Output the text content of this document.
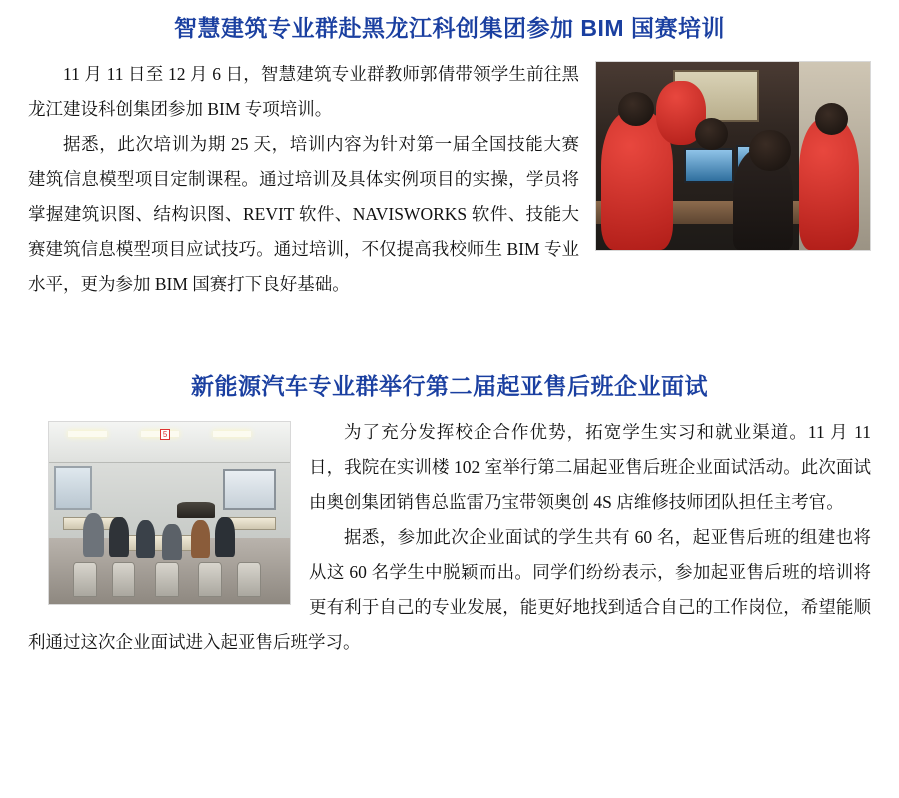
智慧建筑专业群赴黑龙江科创集团参加 BIM 国赛培训

11 月 11 日至 12 月 6 日，智慧建筑专业群教师郭倩带领学生前往黑龙江建设科创集团参加 BIM 专项培训。

据悉，此次培训为期 25 天，培训内容为针对第一届全国技能大赛建筑信息模型项目定制课程。通过培训及具体实例项目的实操，学员将掌握建筑识图、结构识图、REVIT 软件、NAVISWORKS 软件、技能大赛建筑信息模型项目应试技巧。通过培训，不仅提高我校师生 BIM 专业水平，更为参加 BIM 国赛打下良好基础。

新能源汽车专业群举行第二届起亚售后班企业面试
5	为了充分发挥校企合作优势，拓宽学生实习和就业渠道。11 月 11 日，我院在实训楼 102 室举行第二届起亚售后班企业面试活动。此次面试由奥创集团销售总监雷乃宝带领奥创 4S 店维修技师团队担任主考官。

据悉，参加此次企业面试的学生共有 60 名，起亚售后班的组建也将从这 60 名学生中脱颖而出。同学们纷纷表示，参加起亚售后班的培训将更有利于自己的专业发展，能更好地找到适合自己的工作岗位，希望能顺利通过这次企业面试进入起亚售后班学习。
